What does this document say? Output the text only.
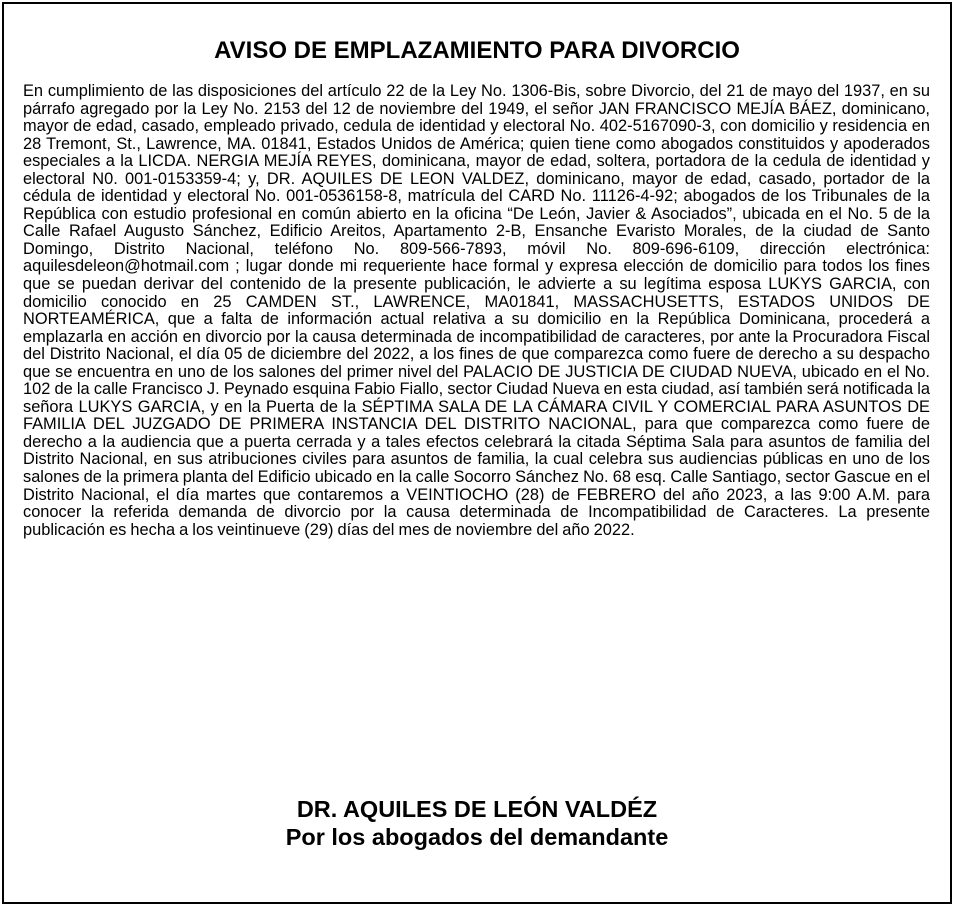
AVISO DE EMPLAZAMIENTO PARA DIVORCIO

En cumplimiento de las disposiciones del artículo 22 de la Ley No. 1306-Bis, sobre Divorcio, del 21 de mayo del 1937, en su párrafo agregado por la Ley No. 2153 del 12 de noviembre del 1949, el señor JAN FRANCISCO MEJÍA BÁEZ, dominicano, mayor de edad, casado, empleado privado, cedula de identidad y electoral No. 402-5167090-3, con domicilio y residencia en 28 Tremont, St., Lawrence, MA. 01841, Estados Unidos de América; quien tiene como abogados constituidos y apoderados especiales a la LICDA. NERGIA MEJÍA REYES, dominicana, mayor de edad, soltera, portadora de la cedula de identidad y electoral N0. 001-0153359-4; y, DR. AQUILES DE LEON VALDEZ, dominicano, mayor de edad, casado, portador de la cédula de identidad y electoral No. 001-0536158-8, matrícula del CARD No. 11126-4-92; abogados de los Tribunales de la República con estudio profesional en común abierto en la oficina “De León, Javier & Asociados”, ubicada en el No. 5 de la Calle Rafael Augusto Sánchez, Edificio Areitos, Apartamento 2-B, Ensanche Evaristo Morales, de la ciudad de Santo Domingo, Distrito Nacional, teléfono No. 809-566-7893, móvil No. 809-696-6109, dirección electrónica: aquilesdeleon@hotmail.com ; lugar donde mi requeriente hace formal y expresa elección de domicilio para todos los fines que se puedan derivar del contenido de la presente publicación, le advierte a su legítima esposa LUKYS GARCIA, con domicilio conocido en 25 CAMDEN ST., LAWRENCE, MA01841, MASSACHUSETTS, ESTADOS UNIDOS DE NORTEAMÉRICA, que a falta de información actual relativa a su domicilio en la República Dominicana, procederá a emplazarla en acción en divorcio por la causa determinada de incompatibilidad de caracteres, por ante la Procuradora Fiscal del Distrito Nacional, el día 05 de diciembre del 2022, a los fines de que comparezca como fuere de derecho a su despacho que se encuentra en uno de los salones del primer nivel del PALACIO DE JUSTICIA DE CIUDAD NUEVA, ubicado en el No. 102 de la calle Francisco J. Peynado esquina Fabio Fiallo, sector Ciudad Nueva en esta ciudad, así también será notificada la señora LUKYS GARCIA, y en la Puerta de la SÉPTIMA SALA DE LA CÁMARA CIVIL Y COMERCIAL PARA ASUNTOS DE FAMILIA DEL JUZGADO DE PRIMERA INSTANCIA DEL DISTRITO NACIONAL, para que comparezca como fuere de derecho a la audiencia que a puerta cerrada y a tales efectos celebrará la citada Séptima Sala para asuntos de familia del Distrito Nacional, en sus atribuciones civiles para asuntos de familia, la cual celebra sus audiencias públicas en uno de los salones de la primera planta del Edificio ubicado en la calle Socorro Sánchez No. 68 esq. Calle Santiago, sector Gascue en el Distrito Nacional, el día martes que contaremos a VEINTIOCHO (28) de FEBRERO del año 2023, a las 9:00 A.M. para conocer la referida demanda de divorcio por la causa determinada de Incompatibilidad de Caracteres. La presente publicación es hecha a los veintinueve (29) días del mes de noviembre del año 2022.

DR. AQUILES DE LEÓN VALDÉZ
Por los abogados del demandante
